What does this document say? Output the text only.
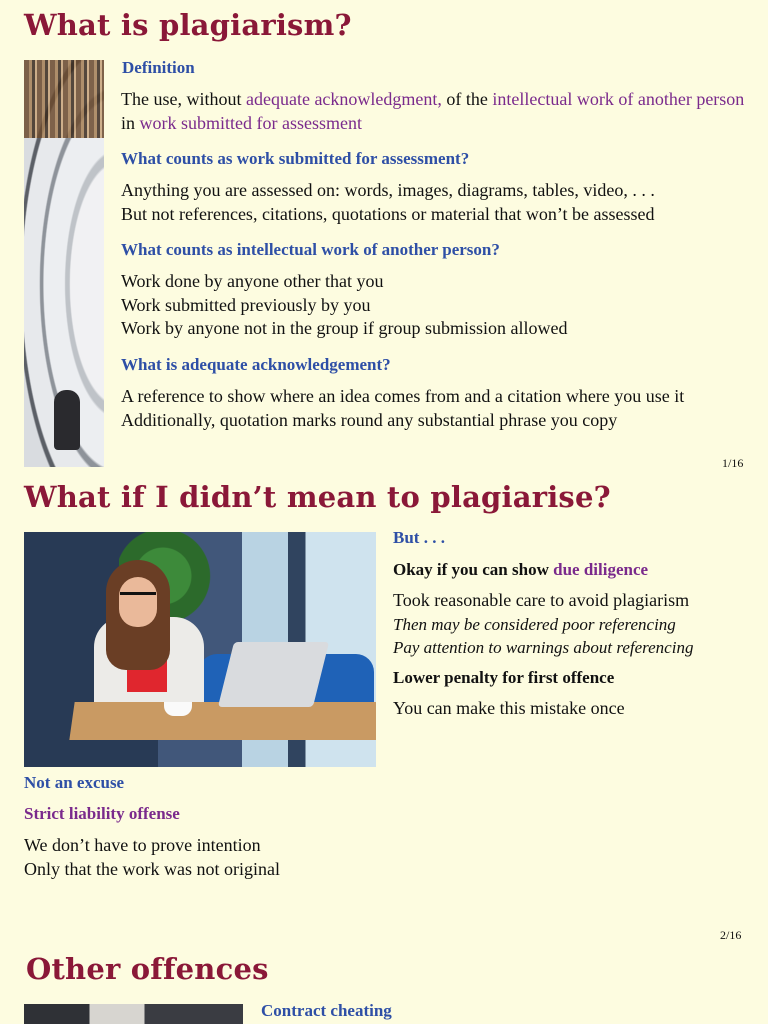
What is plagiarism?
Definition
The use, without adequate acknowledgment, of the intellectual work of another person in work submitted for assessment
What counts as work submitted for assessment?
Anything you are assessed on: words, images, diagrams, tables, video, . . .
But not references, citations, quotations or material that won’t be assessed
What counts as intellectual work of another person?
Work done by anyone other that you
Work submitted previously by you
Work by anyone not in the group if group submission allowed
What is adequate acknowledgement?
A reference to show where an idea comes from and a citation where you use it
Additionally, quotation marks round any substantial phrase you copy
1/16
What if I didn’t mean to plagiarise?
But . . .
Okay if you can show due diligence
Took reasonable care to avoid plagiarism
Then may be considered poor referencing
Pay attention to warnings about referencing
Lower penalty for first offence
You can make this mistake once
Not an excuse
Strict liability offense
We don’t have to prove intention
Only that the work was not original
2/16
Other offences
Contract cheating
